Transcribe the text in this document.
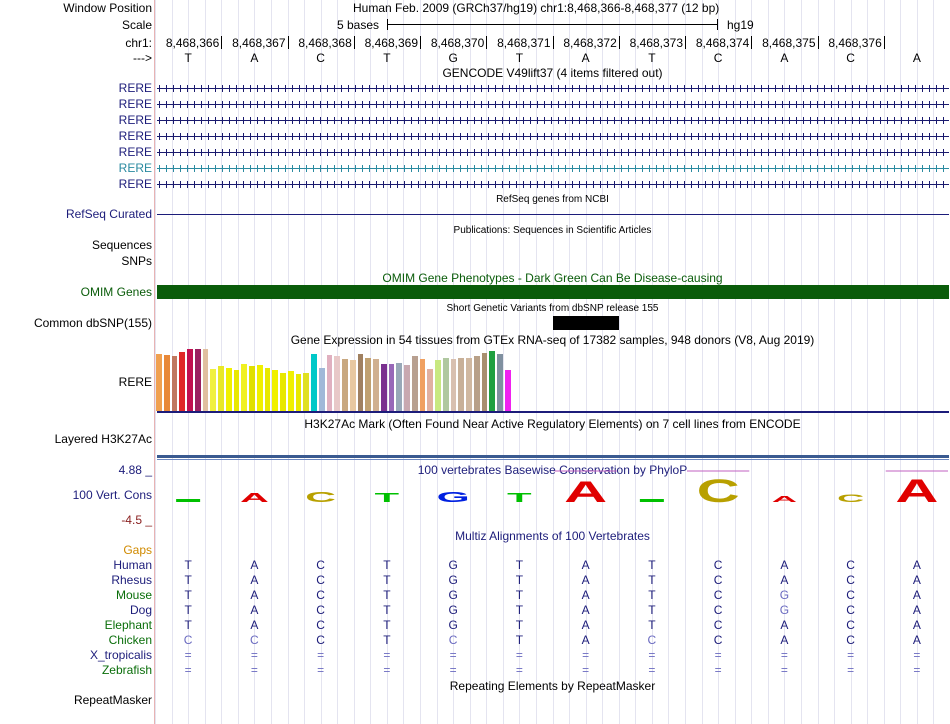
Window Position	Human Feb. 2009 (GRCh37/hg19) chr1:8,468,366-8,468,377 (12 bp)
Scale	5 bases	hg19
chr1:	8,468,366	8,468,367	8,468,368	8,468,369	8,468,370	8,468,371	8,468,372	8,468,373	8,468,374	8,468,375	8,468,376
--->	T	A	C	T	G	T	A	T	C	A	C	A
GENCODE V49lift37 (4 items filtered out)
RERE
RERE
RERE
RERE
RERE
RERE
RERE
RefSeq genes from NCBI
RefSeq Curated
Publications: Sequences in Scientific Articles
Sequences
SNPs
OMIM Gene Phenotypes - Dark Green Can Be Disease-causing
OMIM Genes
Short Genetic Variants from dbSNP release 155
Common dbSNP(155)
Gene Expression in 54 tissues from GTEx RNA-seq of 17382 samples, 948 donors (V8, Aug 2019)
RERE
H3K27Ac Mark (Often Found Near Active Regulatory Elements) on 7 cell lines from ENCODE
Layered H3K27Ac
4.88 _	100 vertebrates Basewise Conservation by PhyloP
100 Vert. Cons
-4.5 _
A C T G T A	C A C A
Multiz Alignments of 100 Vertebrates
Gaps
Human	T	A	C	T	G	T	A	T	C	A	C	A
Rhesus	T	A	C	T	G	T	A	T	C	A	C	A
Mouse	T	A	C	T	G	T	A	T	C	G	C	A
Dog	T	A	C	T	G	T	A	T	C	G	C	A
Elephant	T	A	C	T	G	T	A	T	C	A	C	A
Chicken	C	C	C	T	C	T	A	C	C	A	C	A
X_tropicalis	=	=	=	=	=	=	=	=	=	=	=	=
Zebrafish	=	=	=	=	=	=	=	=	=	=	=	=
Repeating Elements by RepeatMasker
RepeatMasker
